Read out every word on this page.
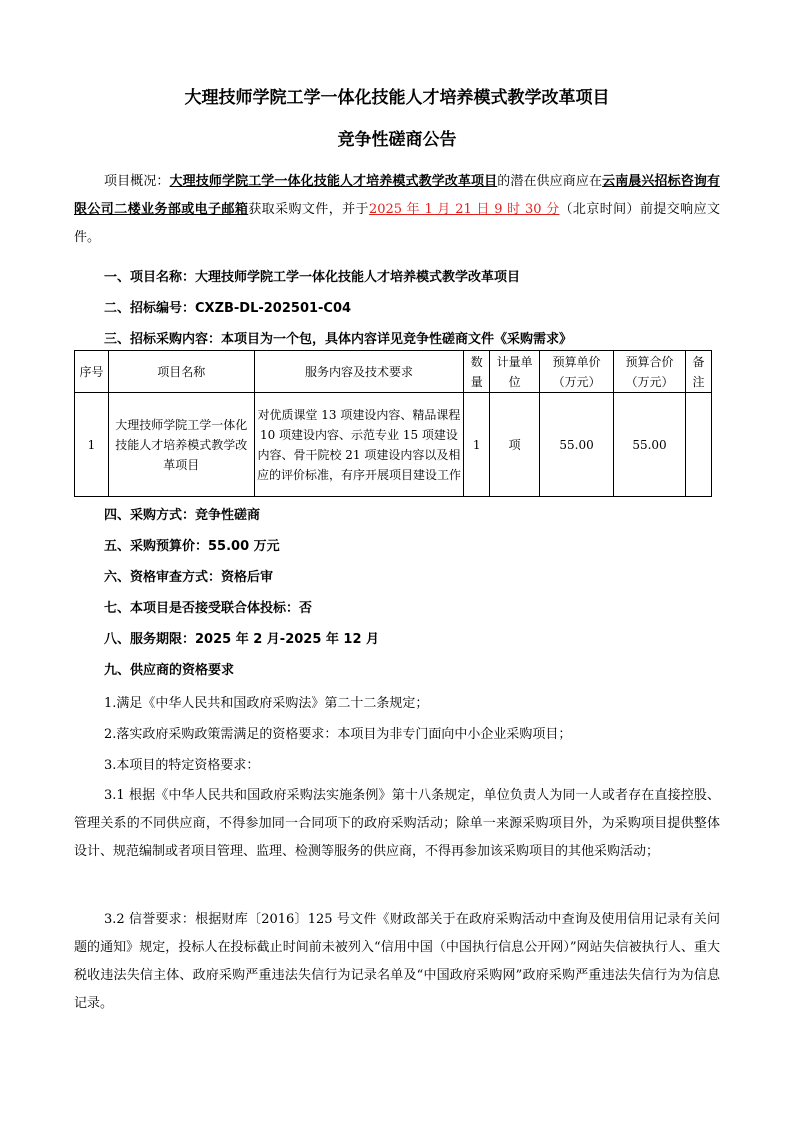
大理技师学院工学一体化技能人才培养模式教学改革项目
竞争性磋商公告
项目概况：大理技师学院工学一体化技能人才培养模式教学改革项目的潜在供应商应在云南晨兴招标咨询有限公司二楼业务部或电子邮箱获取采购文件，并于2025 年 1 月 21 日 9 时 30 分（北京时间）前提交响应文件。
一、项目名称：大理技师学院工学一体化技能人才培养模式教学改革项目
二、招标编号：CXZB-DL-202501-C04
三、招标采购内容：本项目为一个包，具体内容详见竞争性磋商文件《采购需求》
序号	项目名称	服务内容及技术要求	数量	计量单位	预算单价（万元）	预算合价（万元）	备注
1	大理技师学院工学一体化技能人才培养模式教学改革项目	对优质课堂 13 项建设内容、精品课程 10 项建设内容、示范专业 15 项建设内容、骨干院校 21 项建设内容以及相应的评价标准，有序开展项目建设工作	1	项	55.00	55.00	
四、采购方式：竞争性磋商
五、采购预算价：55.00 万元
六、资格审查方式：资格后审
七、本项目是否接受联合体投标：否
八、服务期限：2025 年 2 月-2025 年 12 月
九、供应商的资格要求
1.满足《中华人民共和国政府采购法》第二十二条规定；
2.落实政府采购政策需满足的资格要求：本项目为非专门面向中小企业采购项目；
3.本项目的特定资格要求：
3.1 根据《中华人民共和国政府采购法实施条例》第十八条规定，单位负责人为同一人或者存在直接控股、管理关系的不同供应商，不得参加同一合同项下的政府采购活动；除单一来源采购项目外，为采购项目提供整体设计、规范编制或者项目管理、监理、检测等服务的供应商，不得再参加该采购项目的其他采购活动；
3.2 信誉要求：根据财库〔2016〕125 号文件《财政部关于在政府采购活动中查询及使用信用记录有关问题的通知》规定，投标人在投标截止时间前未被列入“信用中国（中国执行信息公开网）”网站失信被执行人、重大税收违法失信主体、政府采购严重违法失信行为记录名单及“中国政府采购网”政府采购严重违法失信行为为信息记录。
